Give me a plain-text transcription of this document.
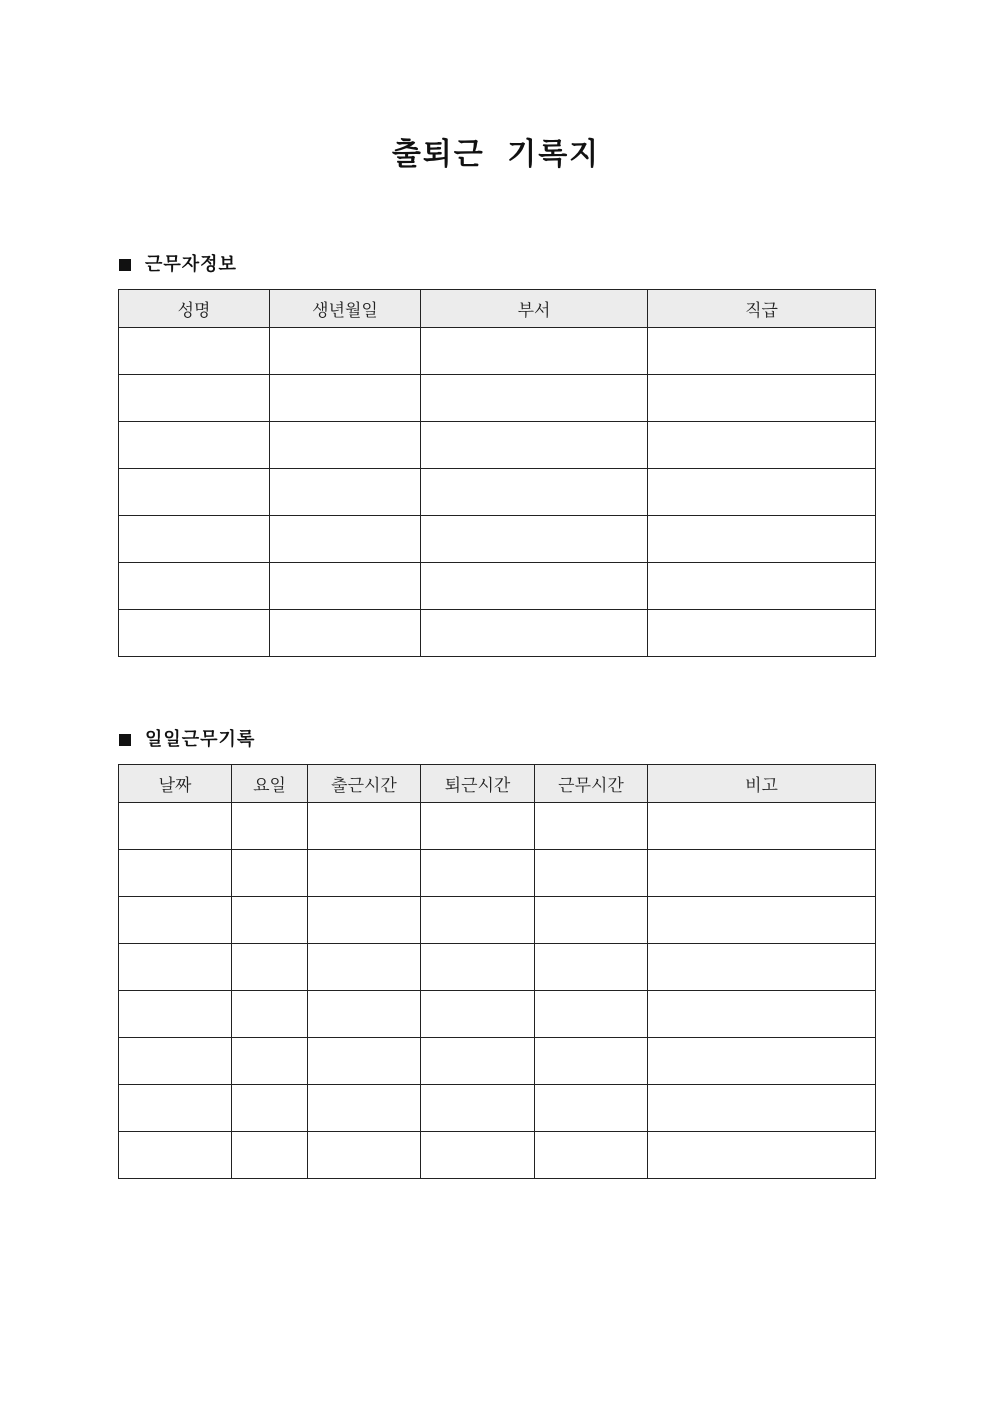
출퇴근 기록지
근무자정보
성명	생년월일	부서	직급

일일근무기록
날짜	요일	출근시간	퇴근시간	근무시간	비고
